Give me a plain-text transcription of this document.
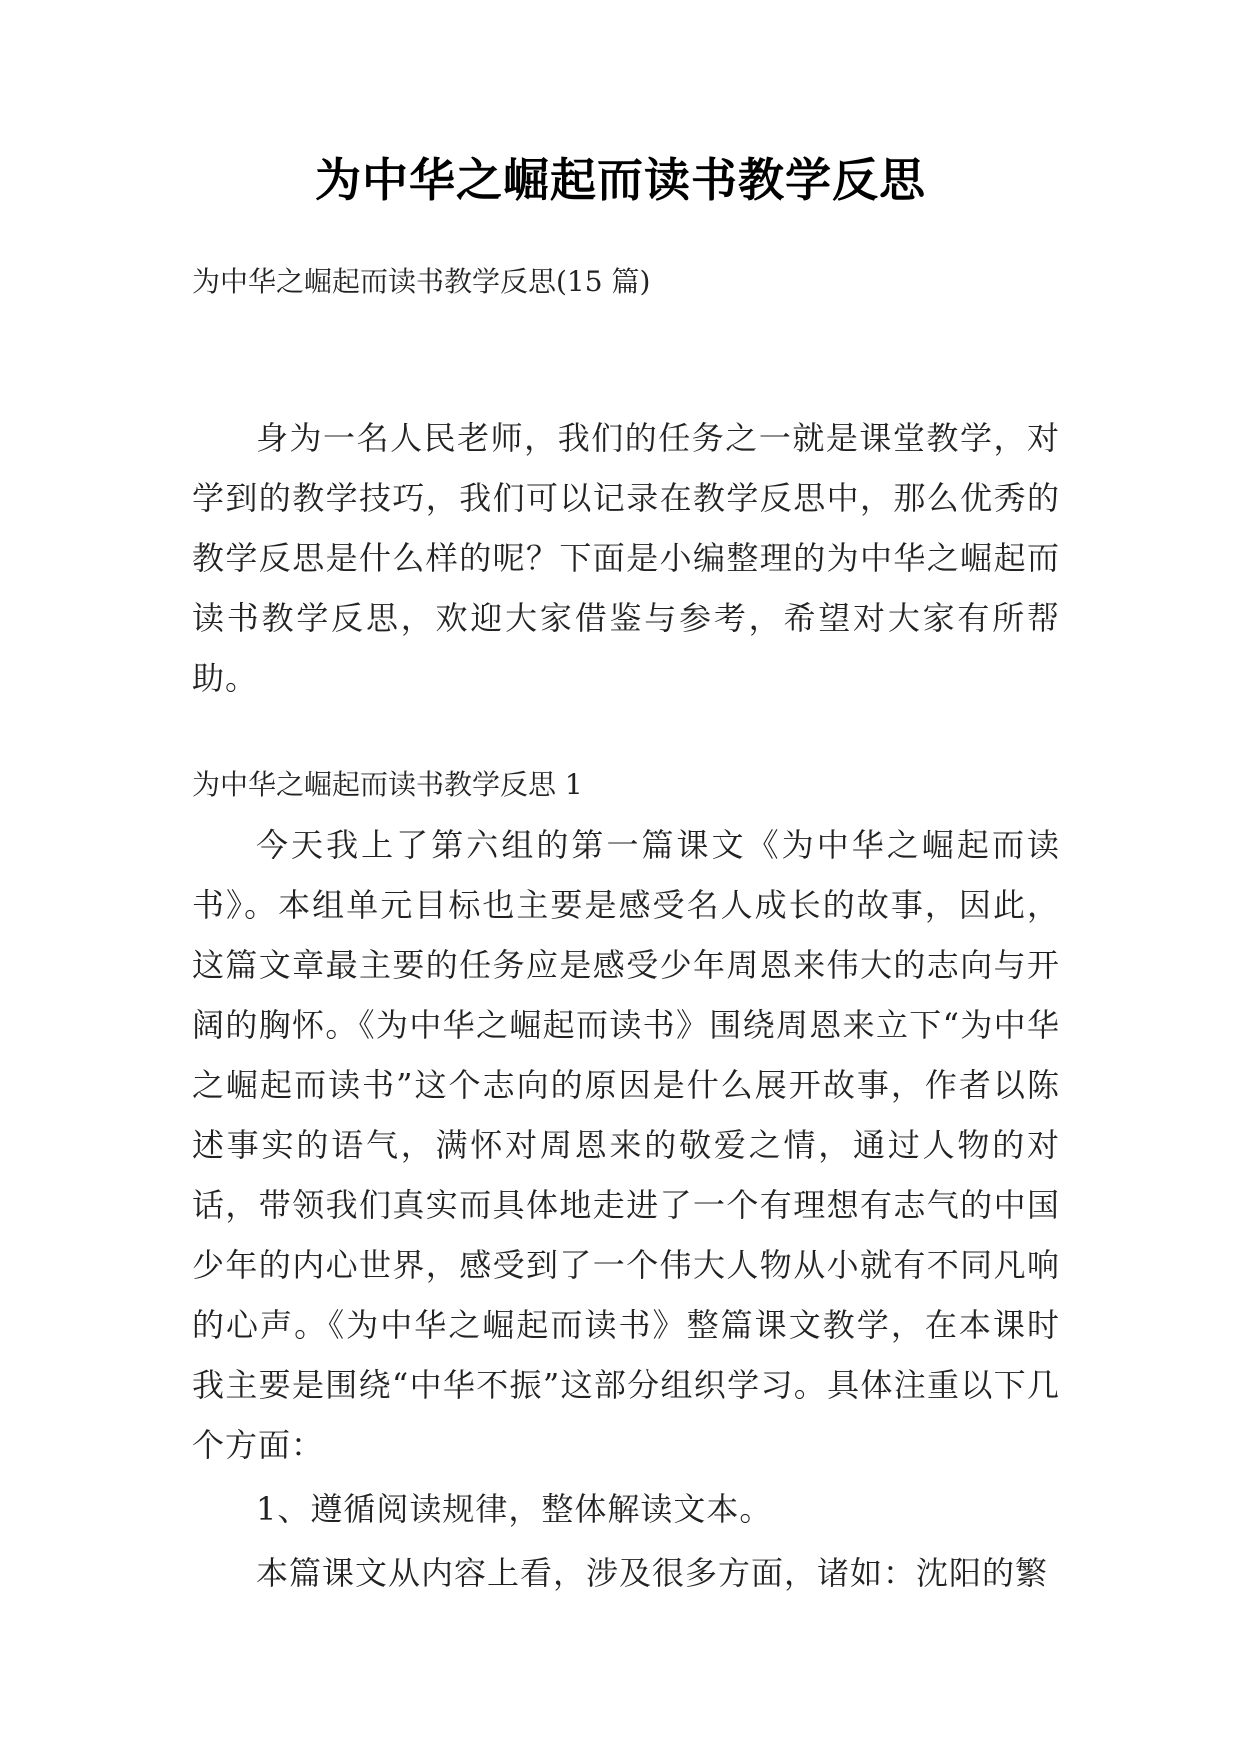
为中华之崛起而读书教学反思
为中华之崛起而读书教学反思(15 篇)

身为一名人民老师，我们的任务之一就是课堂教学，对学到的教学技巧，我们可以记录在教学反思中，那么优秀的教学反思是什么样的呢？下面是小编整理的为中华之崛起而读书教学反思，欢迎大家借鉴与参考，希望对大家有所帮助。

为中华之崛起而读书教学反思 1

今天我上了第六组的第一篇课文《为中华之崛起而读书》。本组单元目标也主要是感受名人成长的故事，因此，这篇文章最主要的任务应是感受少年周恩来伟大的志向与开阔的胸怀。《为中华之崛起而读书》围绕周恩来立下“为中华之崛起而读书”这个志向的原因是什么展开故事，作者以陈述事实的语气，满怀对周恩来的敬爱之情，通过人物的对话，带领我们真实而具体地走进了一个有理想有志气的中国少年的内心世界，感受到了一个伟大人物从小就有不同凡响的心声。《为中华之崛起而读书》整篇课文教学，在本课时我主要是围绕“中华不振”这部分组织学习。具体注重以下几个方面：

1、遵循阅读规律，整体解读文本。

本篇课文从内容上看，涉及很多方面，诸如：沈阳的繁
